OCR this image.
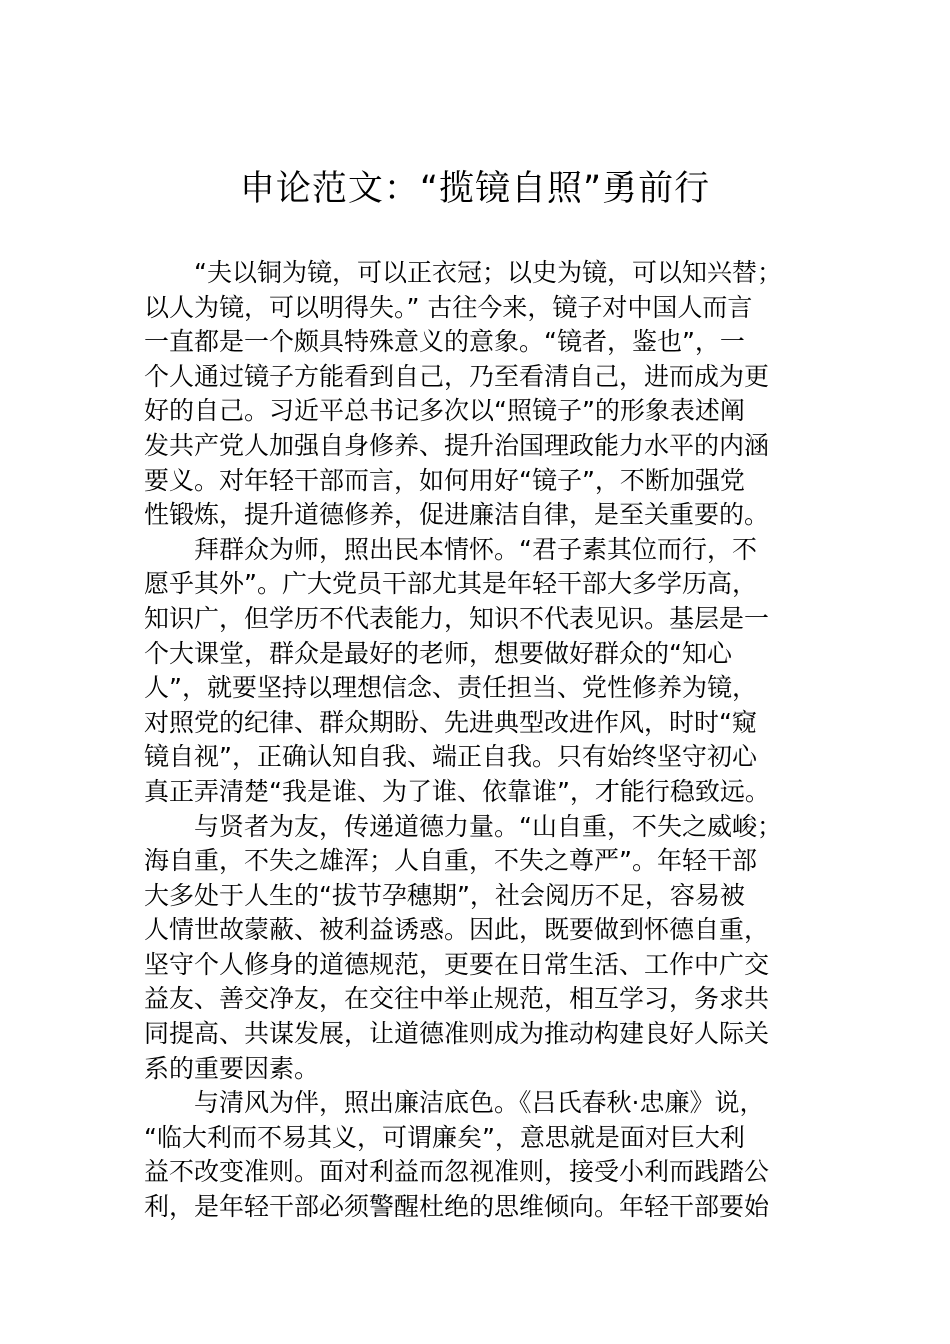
申论范文：“揽镜自照”勇前行
“夫以铜为镜，可以正衣冠；以史为镜，可以知兴替；
以人为镜，可以明得失。” 古往今来，镜子对中国人而言
一直都是一个颇具特殊意义的意象。“镜者，鉴也”，一
个人通过镜子方能看到自己，乃至看清自己，进而成为更
好的自己。习近平总书记多次以“照镜子”的形象表述阐
发共产党人加强自身修养、提升治国理政能力水平的内涵
要义。对年轻干部而言，如何用好“镜子”，不断加强党
性锻炼，提升道德修养，促进廉洁自律，是至关重要的。
拜群众为师，照出民本情怀。“君子素其位而行，不
愿乎其外”。广大党员干部尤其是年轻干部大多学历高，
知识广，但学历不代表能力，知识不代表见识。基层是一
个大课堂，群众是最好的老师，想要做好群众的“知心
人”，就要坚持以理想信念、责任担当、党性修养为镜，
对照党的纪律、群众期盼、先进典型改进作风，时时“窥
镜自视”，正确认知自我、端正自我。只有始终坚守初心
真正弄清楚“我是谁、为了谁、依靠谁”，才能行稳致远。
与贤者为友，传递道德力量。“山自重，不失之威峻；
海自重，不失之雄浑；人自重，不失之尊严”。年轻干部
大多处于人生的“拔节孕穗期”，社会阅历不足，容易被
人情世故蒙蔽、被利益诱惑。因此，既要做到怀德自重，
坚守个人修身的道德规范，更要在日常生活、工作中广交
益友、善交净友，在交往中举止规范，相互学习，务求共
同提高、共谋发展，让道德准则成为推动构建良好人际关
系的重要因素。
与清风为伴，照出廉洁底色。《吕氏春秋·忠廉》说，
“临大利而不易其义，可谓廉矣”，意思就是面对巨大利
益不改变准则。面对利益而忽视准则，接受小利而践踏公
利，是年轻干部必须警醒杜绝的思维倾向。年轻干部要始
